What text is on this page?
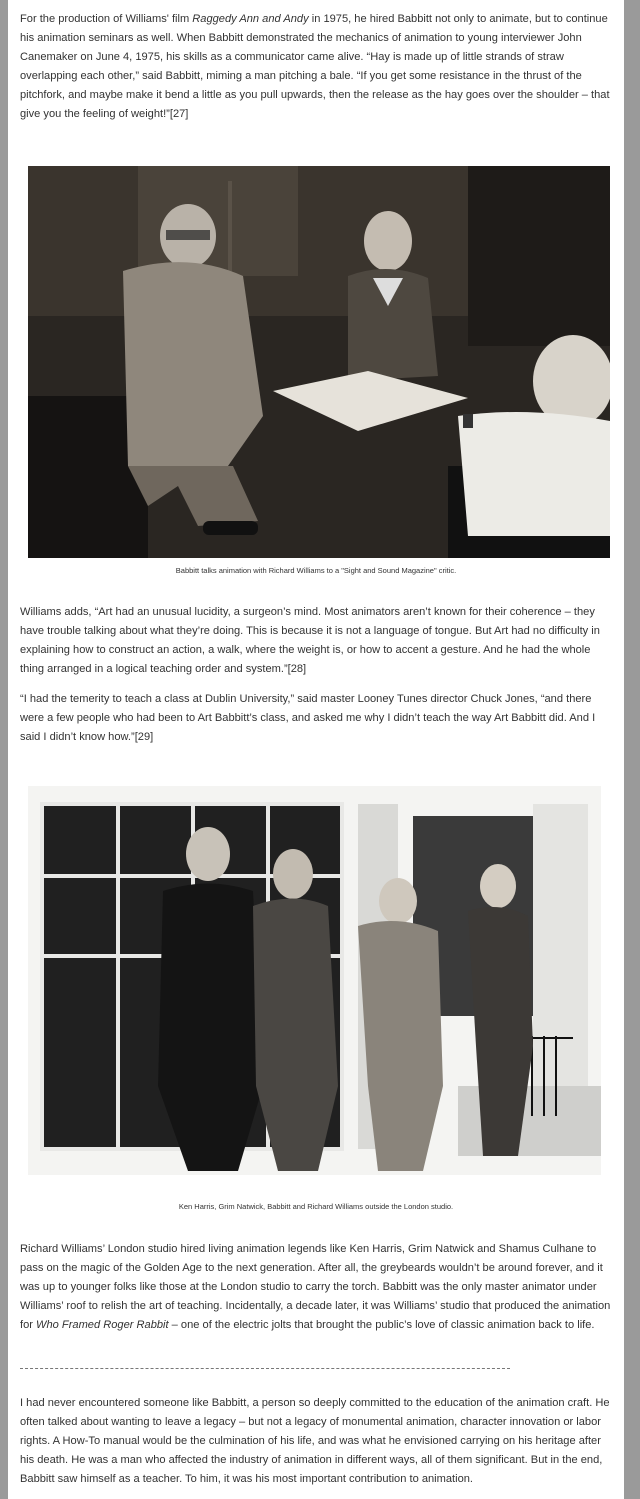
For the production of Williams' film Raggedy Ann and Andy in 1975, he hired Babbitt not only to animate, but to continue his animation seminars as well. When Babbitt demonstrated the mechanics of animation to young interviewer John Canemaker on June 4, 1975, his skills as a communicator came alive. “Hay is made up of little strands of straw overlapping each other,” said Babbitt, miming a man pitching a bale. “If you get some resistance in the thrust of the pitchfork, and maybe make it bend a little as you pull upwards, then the release as the hay goes over the shoulder – that give you the feeling of weight!”[27]

Babbitt talks animation with Richard Williams to a "Sight and Sound Magazine" critic.

Williams adds, “Art had an unusual lucidity, a surgeon’s mind. Most animators aren’t known for their coherence – they have trouble talking about what they’re doing. This is because it is not a language of tongue. But Art had no difficulty in explaining how to construct an action, a walk, where the weight is, or how to accent a gesture. And he had the whole thing arranged in a logical teaching order and system.”[28]

“I had the temerity to teach a class at Dublin University,” said master Looney Tunes director Chuck Jones, “and there were a few people who had been to Art Babbitt’s class, and asked me why I didn’t teach the way Art Babbitt did. And I said I didn’t know how.”[29]

Ken Harris, Grim Natwick, Babbitt and Richard Williams outside the London studio.

Richard Williams’ London studio hired living animation legends like Ken Harris, Grim Natwick and Shamus Culhane to pass on the magic of the Golden Age to the next generation. After all, the greybeards wouldn’t be around forever, and it was up to younger folks like those at the London studio to carry the torch. Babbitt was the only master animator under Williams’ roof to relish the art of teaching. Incidentally, a decade later, it was Williams’ studio that produced the animation for Who Framed Roger Rabbit – one of the electric jolts that brought the public’s love of classic animation back to life.

I had never encountered someone like Babbitt, a person so deeply committed to the education of the animation craft. He often talked about wanting to leave a legacy – but not a legacy of monumental animation, character innovation or labor rights. A How-To manual would be the culmination of his life, and was what he envisioned carrying on his heritage after his death. He was a man who affected the industry of animation in different ways, all of them significant. But in the end, Babbitt saw himself as a teacher. To him, it was his most important contribution to animation.
